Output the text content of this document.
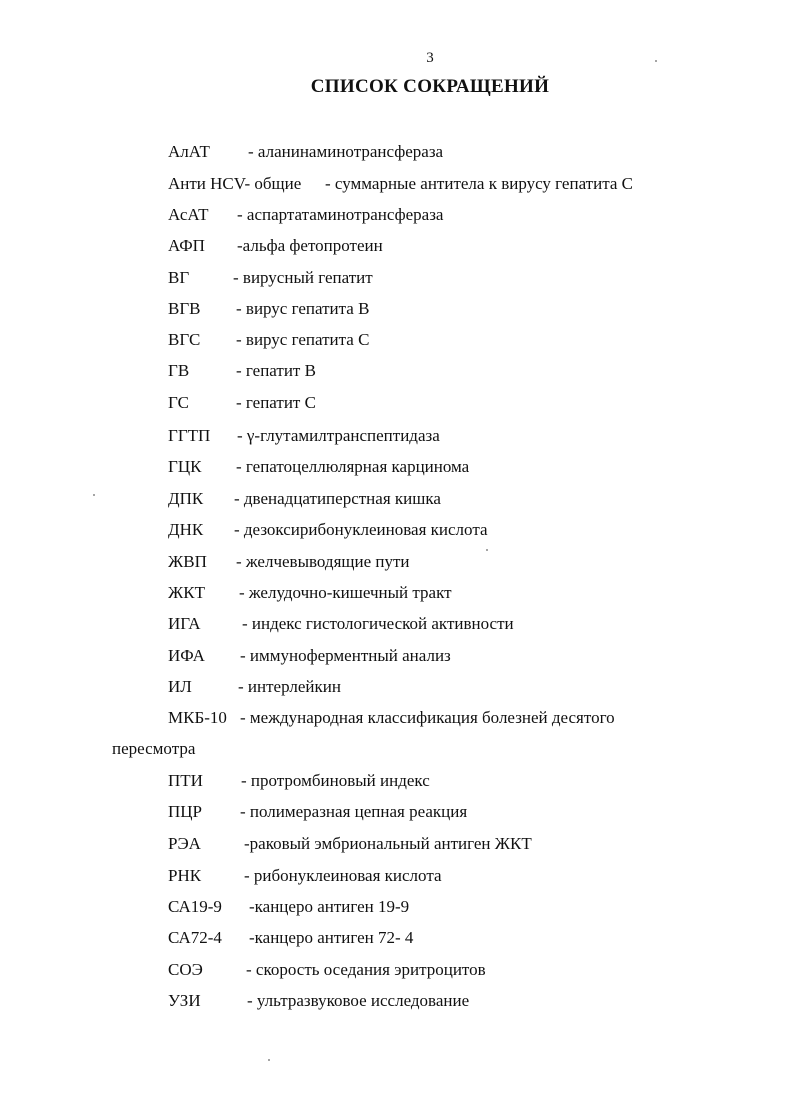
3
СПИСОК СОКРАЩЕНИЙ
АлАТ - аланинаминотрансфераза
Анти HCV- общие - суммарные антитела к вирусу гепатита С
АсАТ - аспартатаминотрансфераза
АФП -альфа фетопротеин
ВГ	- вирусный гепатит
ВГВ - вирус гепатита В
ВГС - вирус гепатита С
ГВ	- гепатит В
ГС	- гепатит С
ГГТП - γ-глутамилтранспептидаза
ГЦК - гепатоцеллюлярная карцинома
ДПК - двенадцатиперстная кишка
ДНК - дезоксирибонуклеиновая кислота
ЖВП - желчевыводящие пути
ЖКТ - желудочно-кишечный тракт
ИГА - индекс гистологической активности
ИФА - иммуноферментный анализ
ИЛ	- интерлейкин
МКБ-10 - международная классификация болезней десятого
пересмотра
ПТИ - протромбиновый индекс
ПЦР - полимеразная цепная реакция
РЭА	-раковый эмбриональный антиген ЖКТ
РНК	- рибонуклеиновая кислота
СА19-9 -канцеро антиген 19-9
СА72-4 -канцеро антиген 72- 4
СОЭ	- скорость оседания эритроцитов
УЗИ	- ультразвуковое исследование
